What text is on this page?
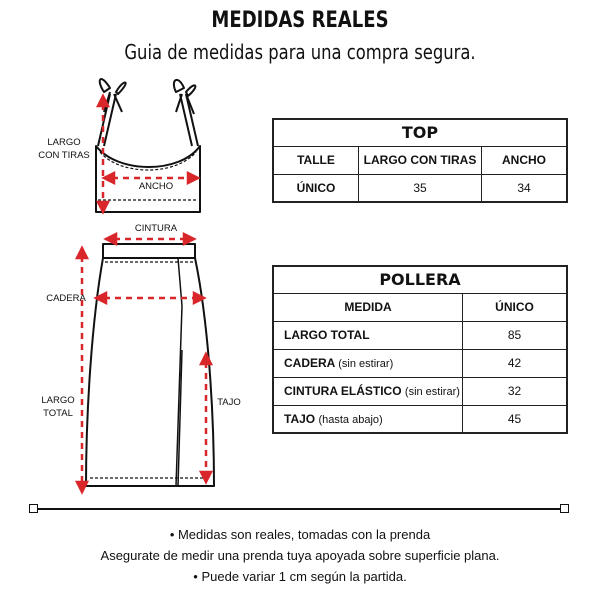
MEDIDAS REALES
Guia de medidas para una compra segura.
LARGO
CON TIRAS
ANCHO
CINTURA
CADERA
LARGO
TOTAL
TAJO
TOP		
TALLE	LARGO CON TIRAS	ANCHO
ÚNICO	35	34
POLLERA	
MEDIDA	ÚNICO
LARGO TOTAL	85
CADERA (sin estirar)	42
CINTURA ELÁSTICO (sin estirar)	32
TAJO (hasta abajo)	45
• Medidas son reales, tomadas con la prenda
Asegurate de medir una prenda tuya apoyada sobre superficie plana.
• Puede variar 1 cm según la partida.
